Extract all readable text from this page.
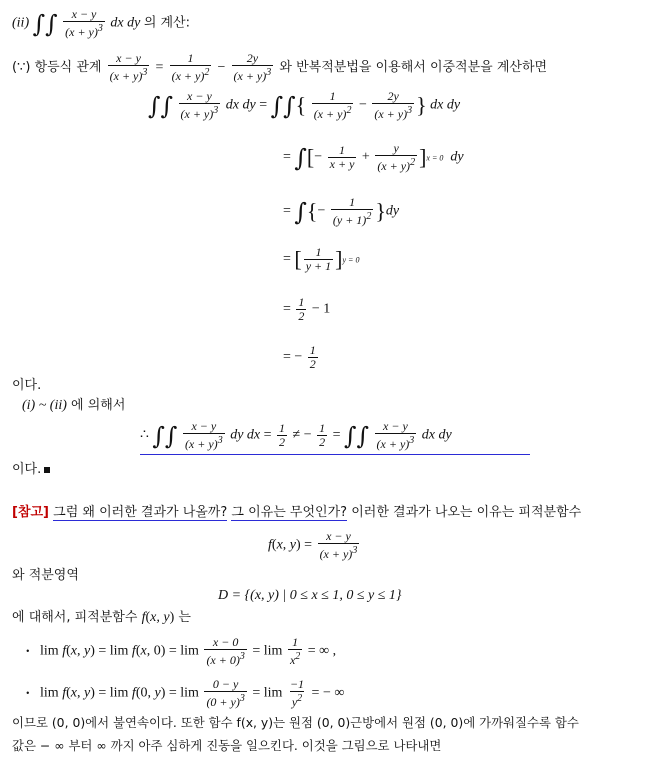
(ii) ∫∫ $\frac{x - y}{(x + y)^3}$ dx dy 의 계산:
(∵) 항등식 관계 $\frac{x - y}{(x + y)^3} = \frac{1}{(x + y)^2} - \frac{2y}{(x + y)^3}$ 와 반복적분법을 이용해서 이중적분을 계산하면
∫∫ $\frac{x - y}{(x + y)^3}$ dx dy = ∫∫{ $\frac{1}{(x + y)^2} - \frac{2y}{(x + y)^3}$ } dx dy
= ∫[− $\frac{1}{x + y} + \frac{y}{(x + y)^2} ]x = 0$ dy
= ∫{− $\frac{1}{(y + 1)^2} \}dy$
= [ $\frac{1}{y + 1} ]y = 0$
= $\frac{1}{2} - 1$
= − $\frac{1}{2}$
이다.
(i) ~ (ii) 에 의해서
∴ ∫∫ $\frac{x - y}{(x + y)^3}$ dy dx = $\frac{1}{2}$ ≠ − $\frac{1}{2}$ = ∫∫ $\frac{x - y}{(x + y)^3}$ dx dy
이다.
[참고] 그럼 왜 이러한 결과가 나올까? 그 이유는 무엇인가? 이러한 결과가 나오는 이유는 피적분함수
f(x, $y) = \frac{x - y}{(x + y)^3}$
와 적분영역
D = {(x, y) | 0 ≤ x ≤ 1, 0 ≤ y ≤ 1}
에 대해서, 피적분함수 f(x, y) 는
•   lim f(x, y) = lim f(x, $0) = \lim \frac{x - 0}{(x + 0)^3} = \lim \frac{1}{x^2}$ = ∞ ,
•   lim f(x, y) = lim f(0, $y) = \lim \frac{0 - y}{(0 + y)^3} = \lim \frac{-1}{y^2}$ = − ∞
이므로 (0, 0)에서 불연속이다. 또한 함수 f(x, y)는 원점 (0, 0)근방에서 원점 (0, 0)에 가까워질수록 함수
값은 − ∞ 부터 ∞ 까지 아주 심하게 진동을 일으킨다. 이것을 그림으로 나타내면
